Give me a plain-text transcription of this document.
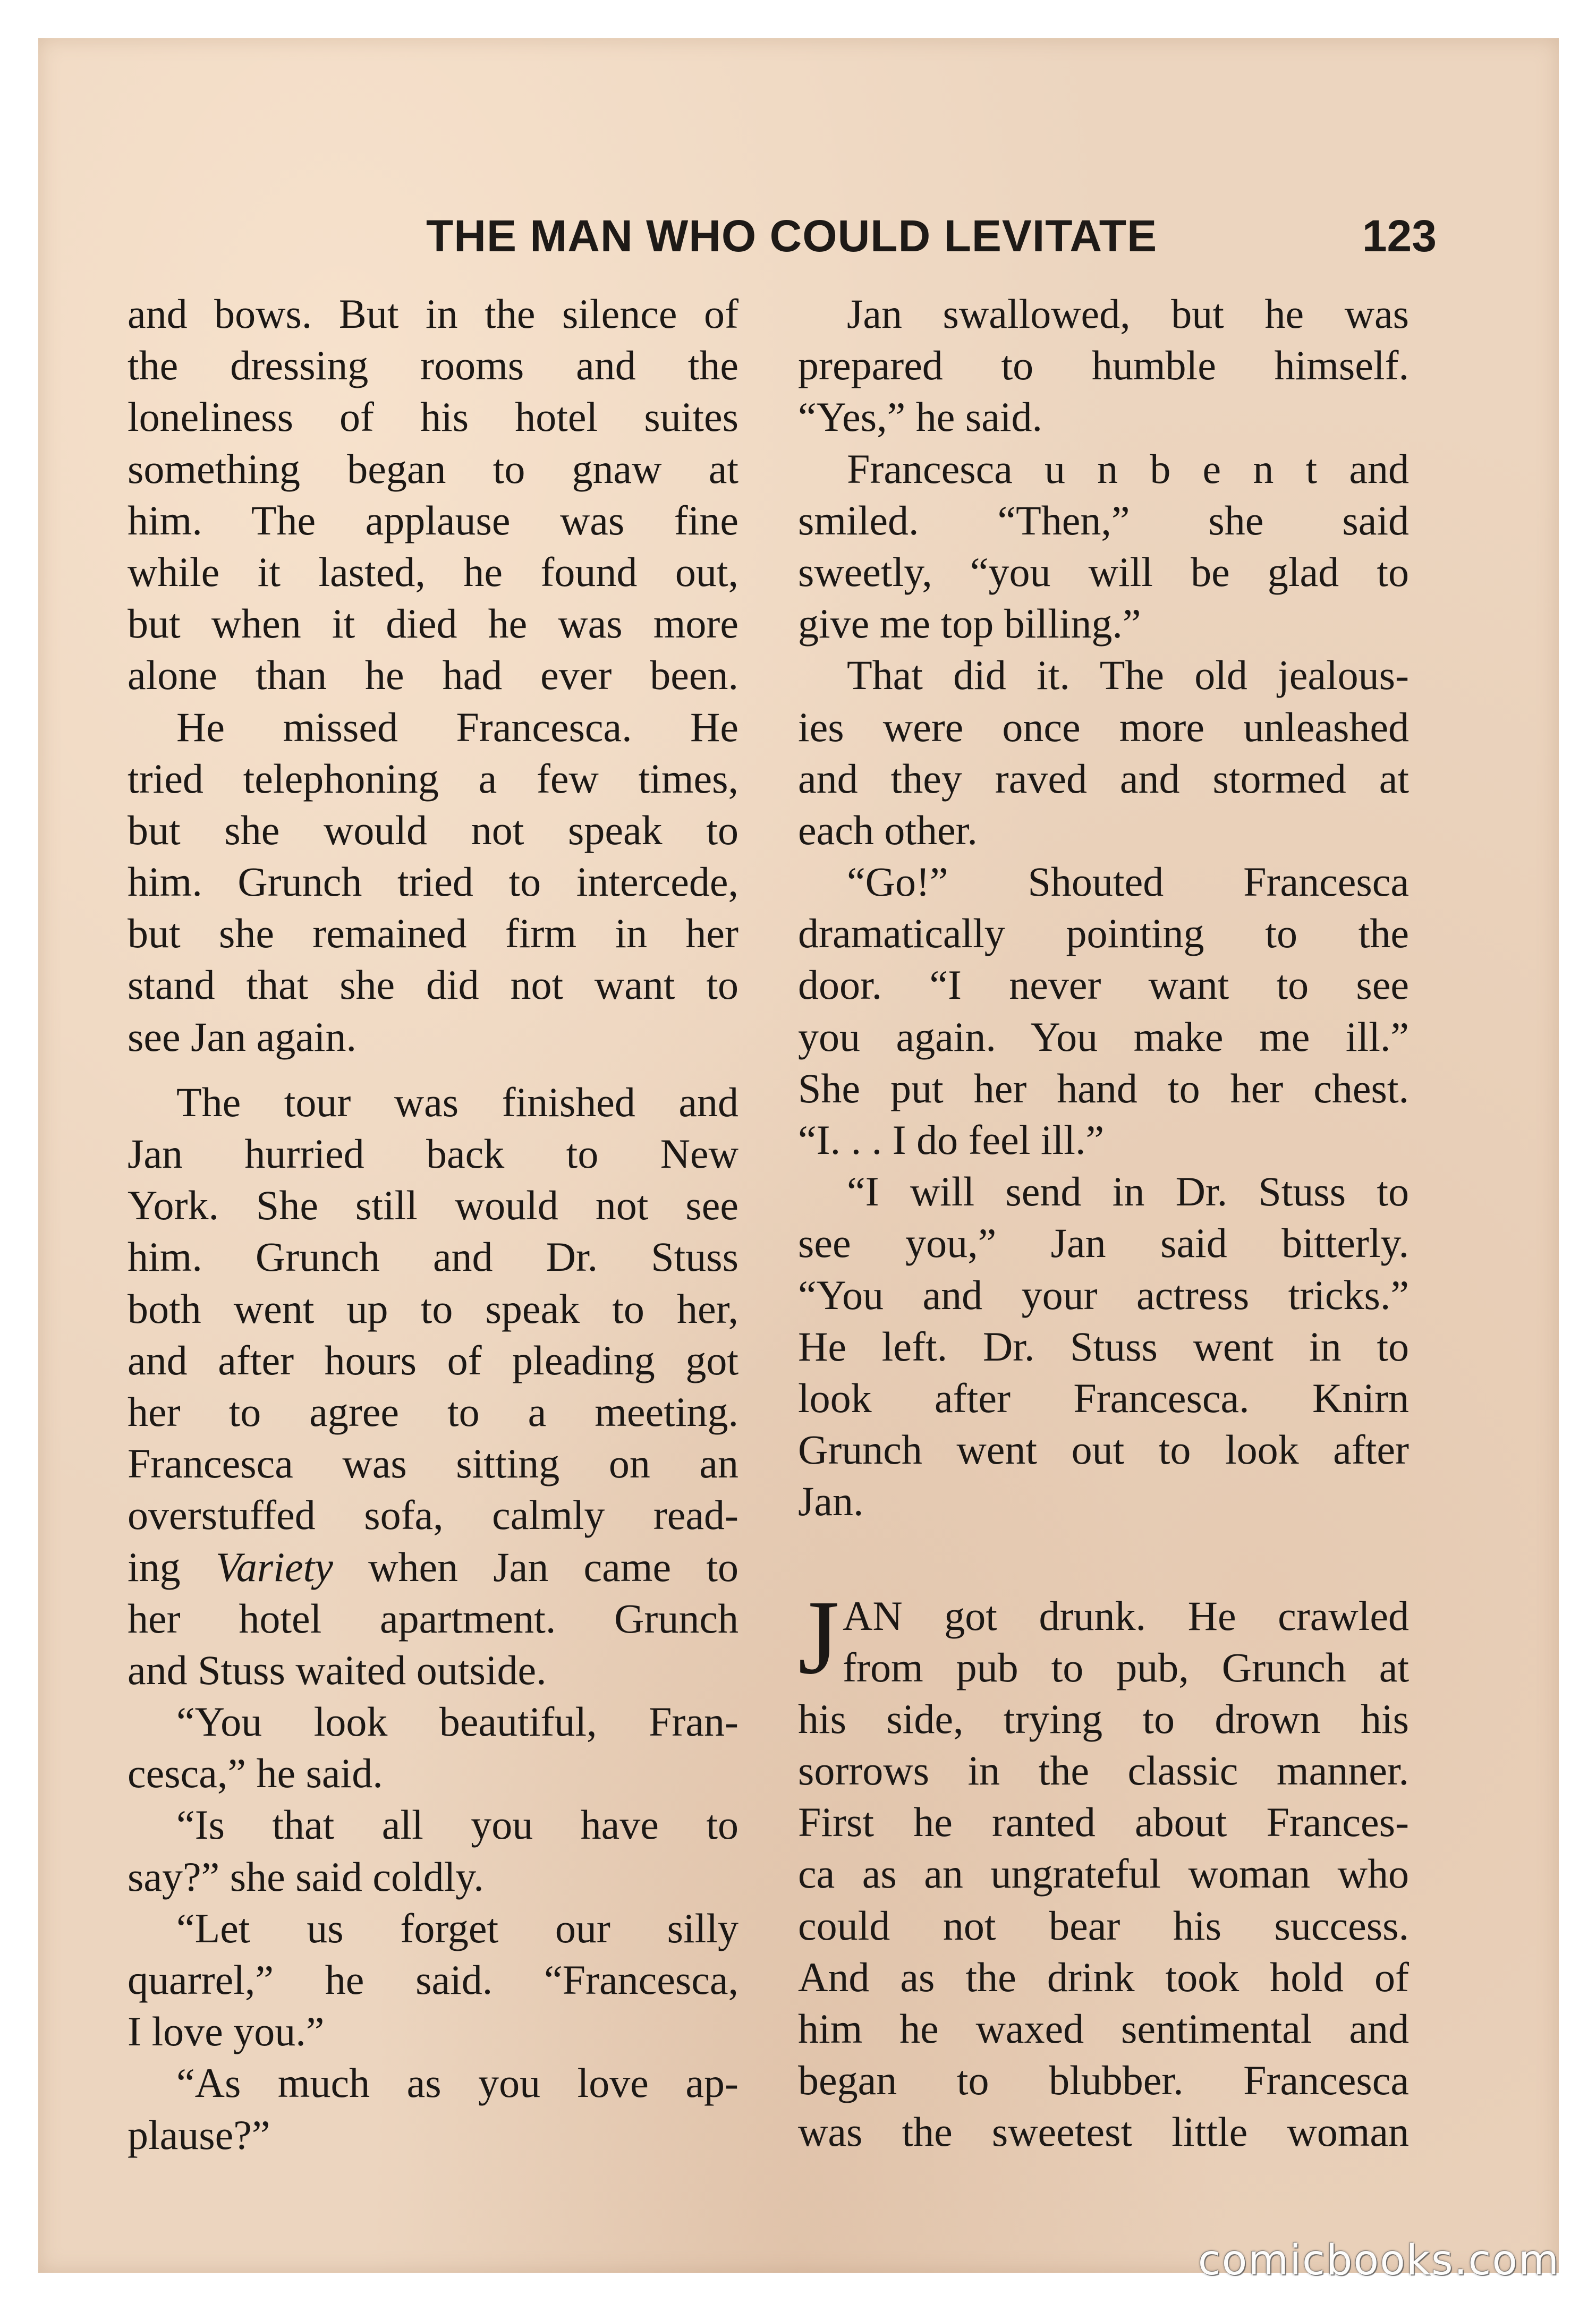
THE MAN WHO COULD LEVITATE	123
and bows. But in the silence of
the dressing rooms and the
loneliness of his hotel suites
something began to gnaw at
him. The applause was fine
while it lasted, he found out,
but when it died he was more
alone than he had ever been.
He missed Francesca. He
tried telephoning a few times,
but she would not speak to
him. Grunch tried to intercede,
but she remained firm in her
stand that she did not want to
see Jan again.
The tour was finished and
Jan hurried back to New
York. She still would not see
him. Grunch and Dr. Stuss
both went up to speak to her,
and after hours of pleading got
her to agree to a meeting.
Francesca was sitting on an
overstuffed sofa, calmly read-
ing Variety when Jan came to
her hotel apartment. Grunch
and Stuss waited outside.
“You look beautiful, Fran-
cesca,” he said.
“Is that all you have to
say?” she said coldly.
“Let us forget our silly
quarrel,” he said. “Francesca,
I love you.”
“As much as you love ap-
plause?”
Jan swallowed, but he was
prepared to humble himself.
“Yes,” he said.
Francesca u n b e n t and
smiled. “Then,” she said
sweetly, “you will be glad to
give me top billing.”
That did it. The old jealous-
ies were once more unleashed
and they raved and stormed at
each other.
“Go!” Shouted Francesca
dramatically pointing to the
door. “I never want to see
you again. You make me ill.”
She put her hand to her chest.
“I. . . I do feel ill.”
“I will send in Dr. Stuss to
see you,” Jan said bitterly.
“You and your actress tricks.”
He left. Dr. Stuss went in to
look after Francesca. Knirn
Grunch went out to look after
Jan.
J AN got drunk. He crawled
from pub to pub, Grunch at
his side, trying to drown his
sorrows in the classic manner.
First he ranted about Frances-
ca as an ungrateful woman who
could not bear his success.
And as the drink took hold of
him he waxed sentimental and
began to blubber. Francesca
was the sweetest little woman
comicbooks.com
